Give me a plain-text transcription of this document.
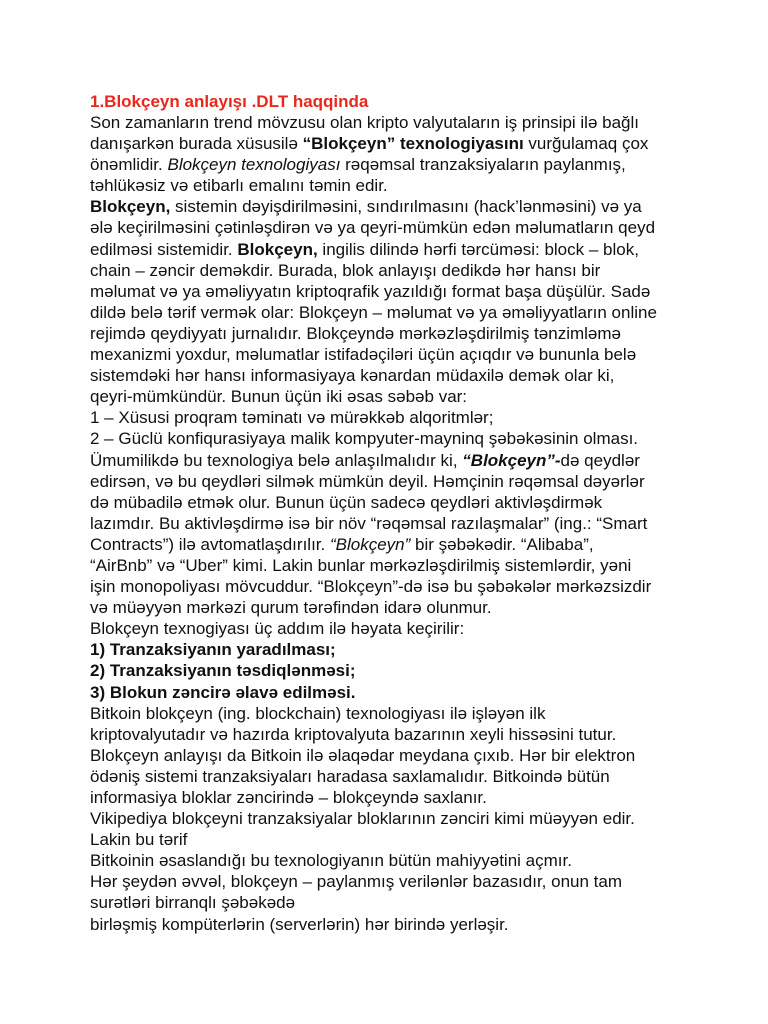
1.Blokçeyn anlayışı .DLT haqqinda
Son zamanların trend mövzusu olan kripto valyutaların iş prinsipi ilə bağlı
danışarkən burada xüsusilə “Blokçeyn” texnologiyasını vurğulamaq çox
önəmlidir. Blokçeyn texnologiyası rəqəmsal tranzaksiyaların paylanmış,
təhlükəsiz və etibarlı emalını təmin edir.
Blokçeyn, sistemin dəyişdirilməsini, sındırılmasını (hack’lənməsini) və ya
ələ keçirilməsini çətinləşdirən və ya qeyri-mümkün edən məlumatların qeyd
edilməsi sistemidir. Blokçeyn, ingilis dilində hərfi tərcüməsi: block – blok,
chain – zəncir deməkdir. Burada, blok anlayışı dedikdə hər hansı bir
məlumat və ya əməliyyatın kriptoqrafik yazıldığı format başa düşülür. Sadə
dildə belə tərif vermək olar: Blokçeyn – məlumat və ya əməliyyatların online
rejimdə qeydiyyatı jurnalıdır. Blokçeyndə mərkəzləşdirilmiş tənzimləmə
mexanizmi yoxdur, məlumatlar istifadəçiləri üçün açıqdır və bununla belə
sistemdəki hər hansı informasiyaya kənardan müdaxilə demək olar ki,
qeyri-mümkündür. Bunun üçün iki əsas səbəb var:
1 – Xüsusi proqram təminatı və mürəkkəb alqoritmlər;
2 – Güclü konfiqurasiyaya malik kompyuter-mayninq şəbəkəsinin olması.
Ümumilikdə bu texnologiya belə anlaşılmalıdır ki, “Blokçeyn”-də qeydlər
edirsən, və bu qeydləri silmək mümkün deyil. Həmçinin rəqəmsal dəyərlər
də mübadilə etmək olur. Bunun üçün sadecə qeydləri aktivləşdirmək
lazımdır. Bu aktivləşdirmə isə bir növ “rəqəmsal razılaşmalar” (ing.: “Smart
Contracts”) ilə avtomatlaşdırılır. “Blokçeyn” bir şəbəkədir. “Alibaba”,
“AirBnb” və “Uber” kimi. Lakin bunlar mərkəzləşdirilmiş sistemlərdir, yəni
işin monopoliyası mövcuddur. “Blokçeyn”-də isə bu şəbəkələr mərkəzsizdir
və müəyyən mərkəzi qurum tərəfindən idarə olunmur.
Blokçeyn texnogiyası üç addım ilə həyata keçirilir:
1) Tranzaksiyanın yaradılması;
2) Tranzaksiyanın təsdiqlənməsi;
3) Blokun zəncirə əlavə edilməsi.
Bitkoin blokçeyn (ing. blockchain) texnologiyası ilə işləyən ilk
kriptovalyutadır və hazırda kriptovalyuta bazarının xeyli hissəsini tutur.
Blokçeyn anlayışı da Bitkoin ilə əlaqədar meydana çıxıb. Hər bir elektron
ödəniş sistemi tranzaksiyaları haradasa saxlamalıdır. Bitkoində bütün
informasiya bloklar zəncirində – blokçeyndə saxlanır.
Vikipediya blokçeyni tranzaksiyalar bloklarının zənciri kimi müəyyən edir.
Lakin bu tərif
Bitkoinin əsaslandığı bu texnologiyanın bütün mahiyyətini açmır.
Hər şeydən əvvəl, blokçeyn – paylanmış verilənlər bazasıdır, onun tam
surətləri birranqlı şəbəkədə
birləşmiş kompüterlərin (serverlərin) hər birində yerləşir.
